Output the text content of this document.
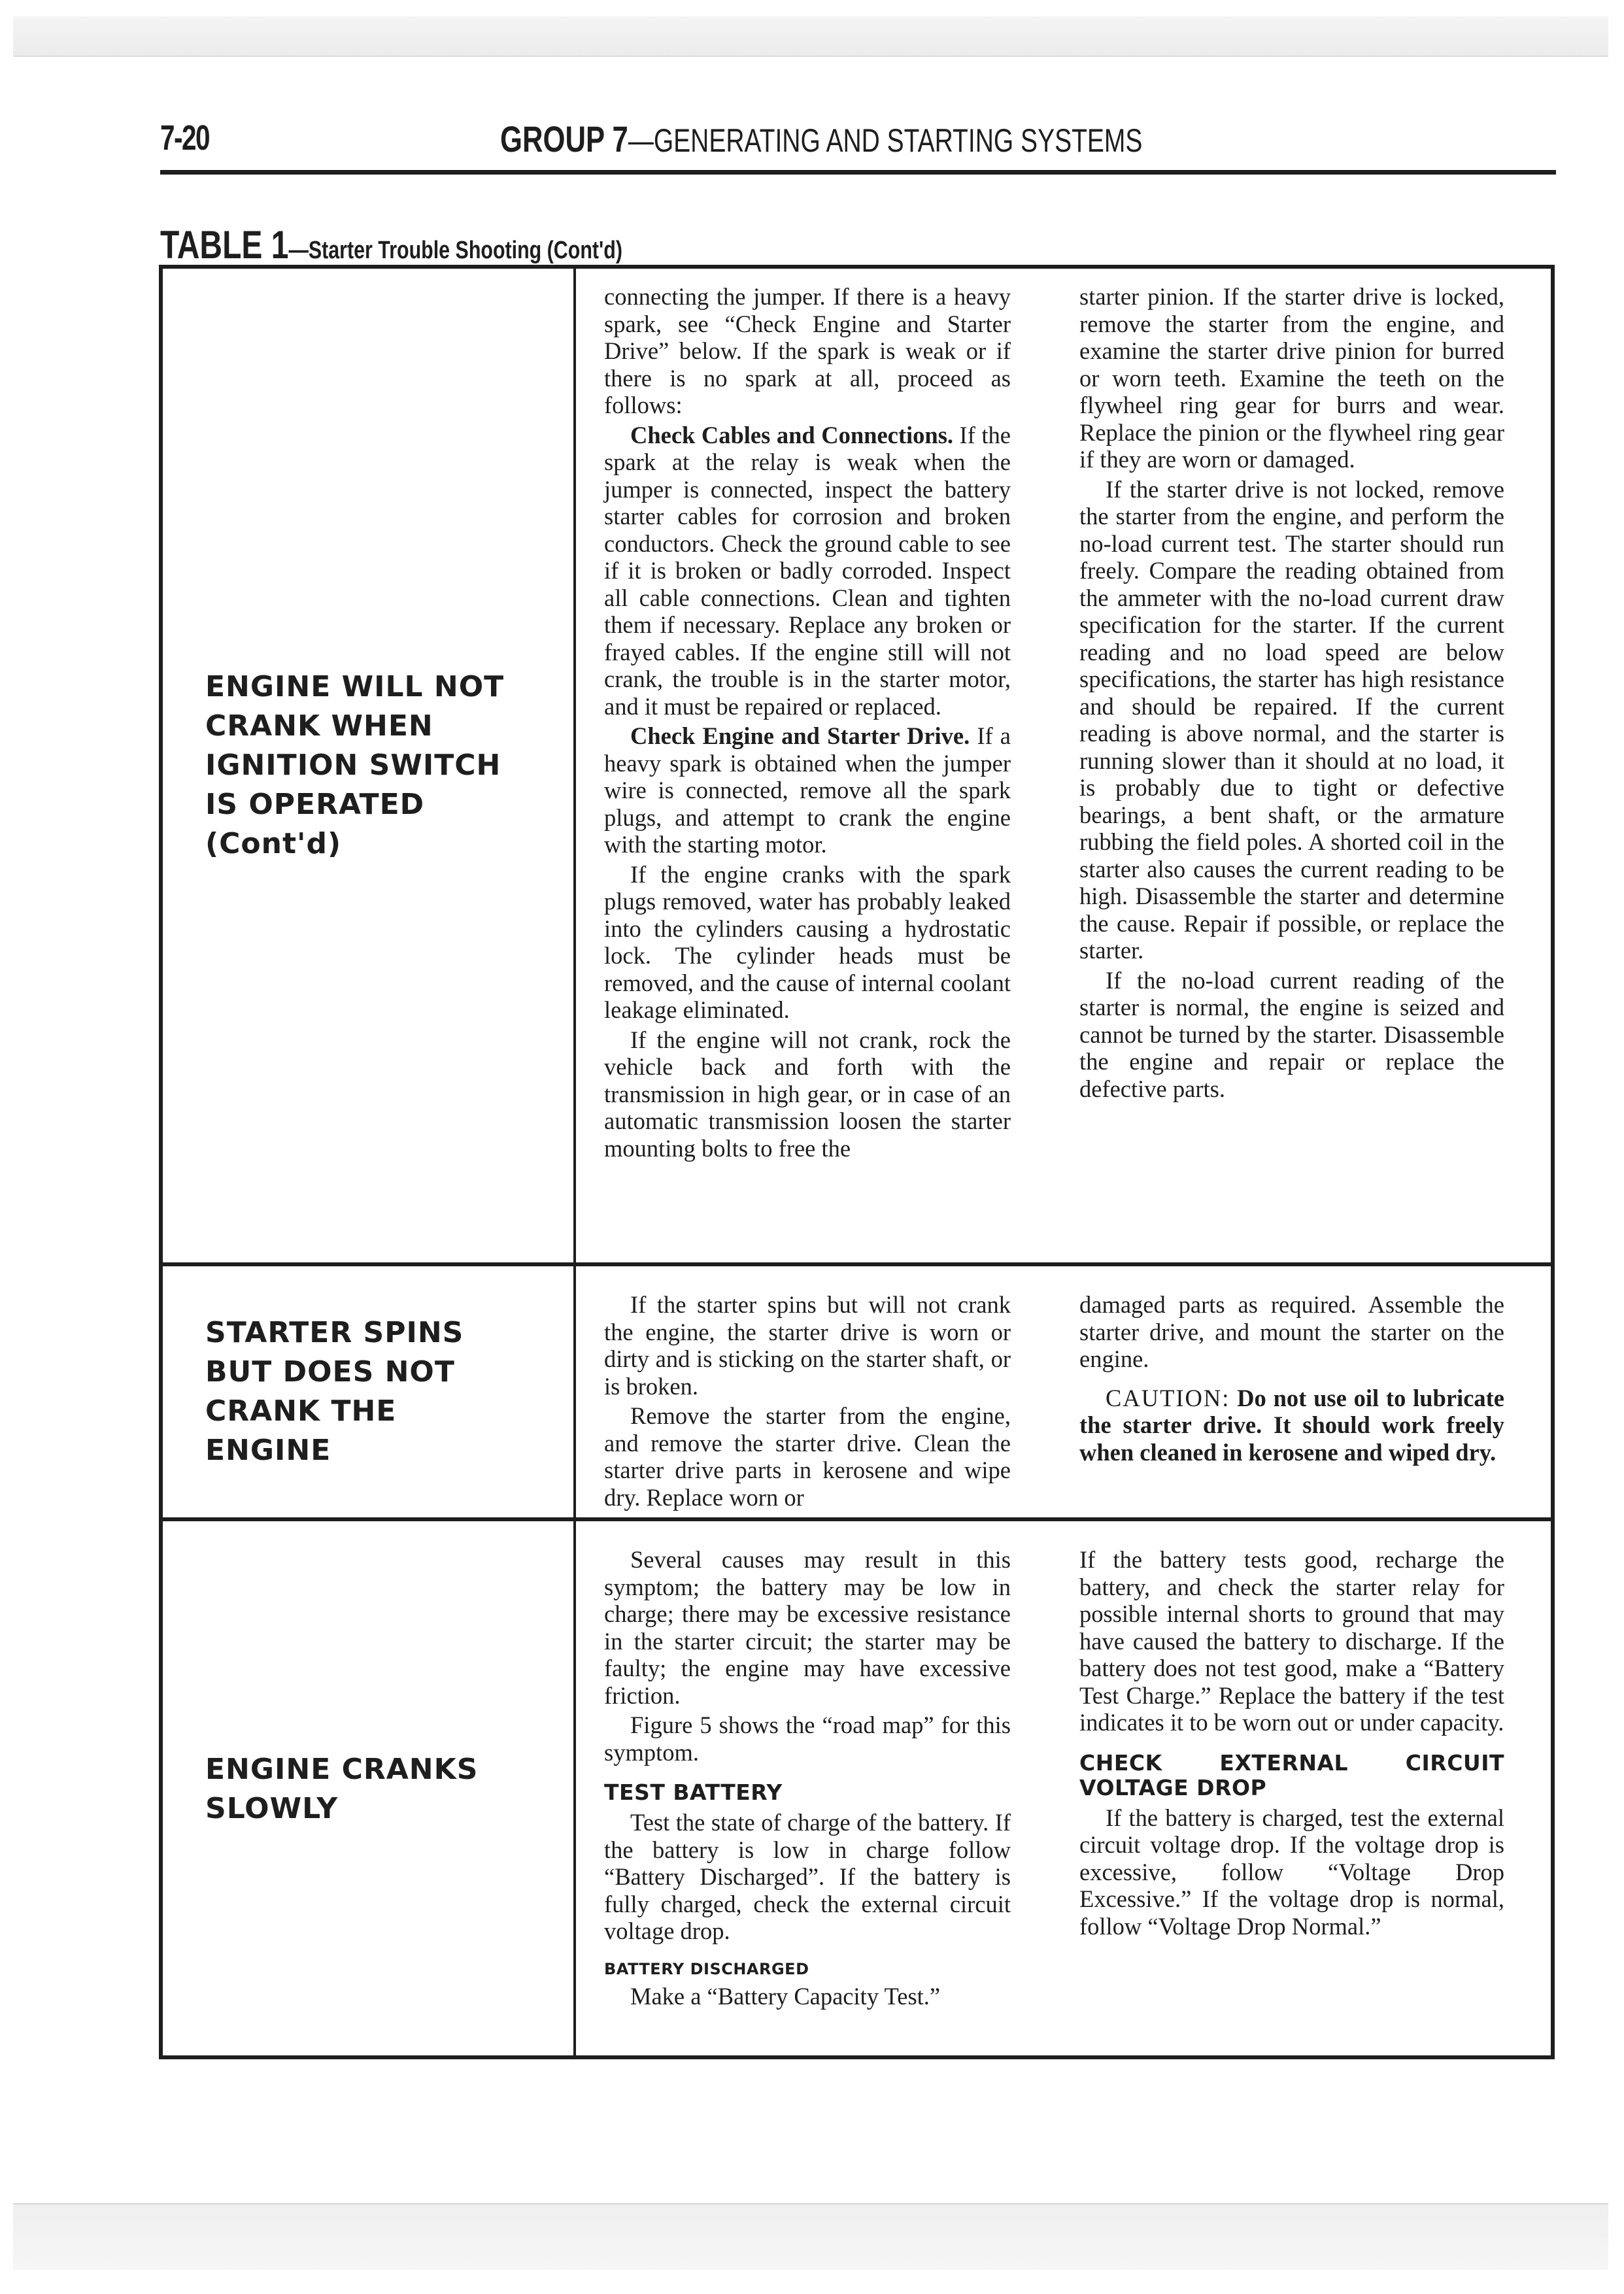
7-20	GROUP 7—GENERATING AND STARTING SYSTEMS
TABLE 1—Starter Trouble Shooting (Cont'd)
ENGINE WILL NOT CRANK WHEN IGNITION SWITCH IS OPERATED (Cont'd)

connecting the jumper. If there is a heavy spark, see “Check Engine and Starter Drive” below. If the spark is weak or if there is no spark at all, proceed as follows:

Check Cables and Connections. If the spark at the relay is weak when the jumper is connected, inspect the battery starter cables for corrosion and broken conductors. Check the ground cable to see if it is broken or badly corroded. Inspect all cable connections. Clean and tighten them if necessary. Replace any broken or frayed cables. If the engine still will not crank, the trouble is in the starter motor, and it must be repaired or replaced.

Check Engine and Starter Drive. If a heavy spark is obtained when the jumper wire is connected, remove all the spark plugs, and attempt to crank the engine with the starting motor.

If the engine cranks with the spark plugs removed, water has probably leaked into the cylinders causing a hydrostatic lock. The cylinder heads must be removed, and the cause of internal coolant leakage eliminated.

If the engine will not crank, rock the vehicle back and forth with the transmission in high gear, or in case of an automatic transmission loosen the starter mounting bolts to free the

starter pinion. If the starter drive is locked, remove the starter from the engine, and examine the starter drive pinion for burred or worn teeth. Examine the teeth on the flywheel ring gear for burrs and wear. Replace the pinion or the flywheel ring gear if they are worn or damaged.

If the starter drive is not locked, remove the starter from the engine, and perform the no-load current test. The starter should run freely. Compare the reading obtained from the ammeter with the no-load current draw specification for the starter. If the current reading and no load speed are below specifications, the starter has high resistance and should be repaired. If the current reading is above normal, and the starter is running slower than it should at no load, it is probably due to tight or defective bearings, a bent shaft, or the armature rubbing the field poles. A shorted coil in the starter also causes the current reading to be high. Disassemble the starter and determine the cause. Repair if possible, or replace the starter.

If the no-load current reading of the starter is normal, the engine is seized and cannot be turned by the starter. Disassemble the engine and repair or replace the defective parts.

STARTER SPINS BUT DOES NOT CRANK THE ENGINE

If the starter spins but will not crank the engine, the starter drive is worn or dirty and is sticking on the starter shaft, or is broken.

Remove the starter from the engine, and remove the starter drive. Clean the starter drive parts in kerosene and wipe dry. Replace worn or

damaged parts as required. Assemble the starter drive, and mount the starter on the engine.

CAUTION: Do not use oil to lubricate the starter drive. It should work freely when cleaned in kerosene and wiped dry.

ENGINE CRANKS SLOWLY

Several causes may result in this symptom; the battery may be low in charge; there may be excessive resistance in the starter circuit; the starter may be faulty; the engine may have excessive friction.

Figure 5 shows the “road map” for this symptom.

TEST BATTERY

Test the state of charge of the battery. If the battery is low in charge follow “Battery Discharged”. If the battery is fully charged, check the external circuit voltage drop.

BATTERY DISCHARGED

Make a “Battery Capacity Test.”

If the battery tests good, recharge the battery, and check the starter relay for possible internal shorts to ground that may have caused the battery to discharge. If the battery does not test good, make a “Battery Test Charge.” Replace the battery if the test indicates it to be worn out or under capacity.

CHECK EXTERNAL CIRCUIT VOLTAGE DROP

If the battery is charged, test the external circuit voltage drop. If the voltage drop is excessive, follow “Voltage Drop Excessive.” If the voltage drop is normal, follow “Voltage Drop Normal.”
